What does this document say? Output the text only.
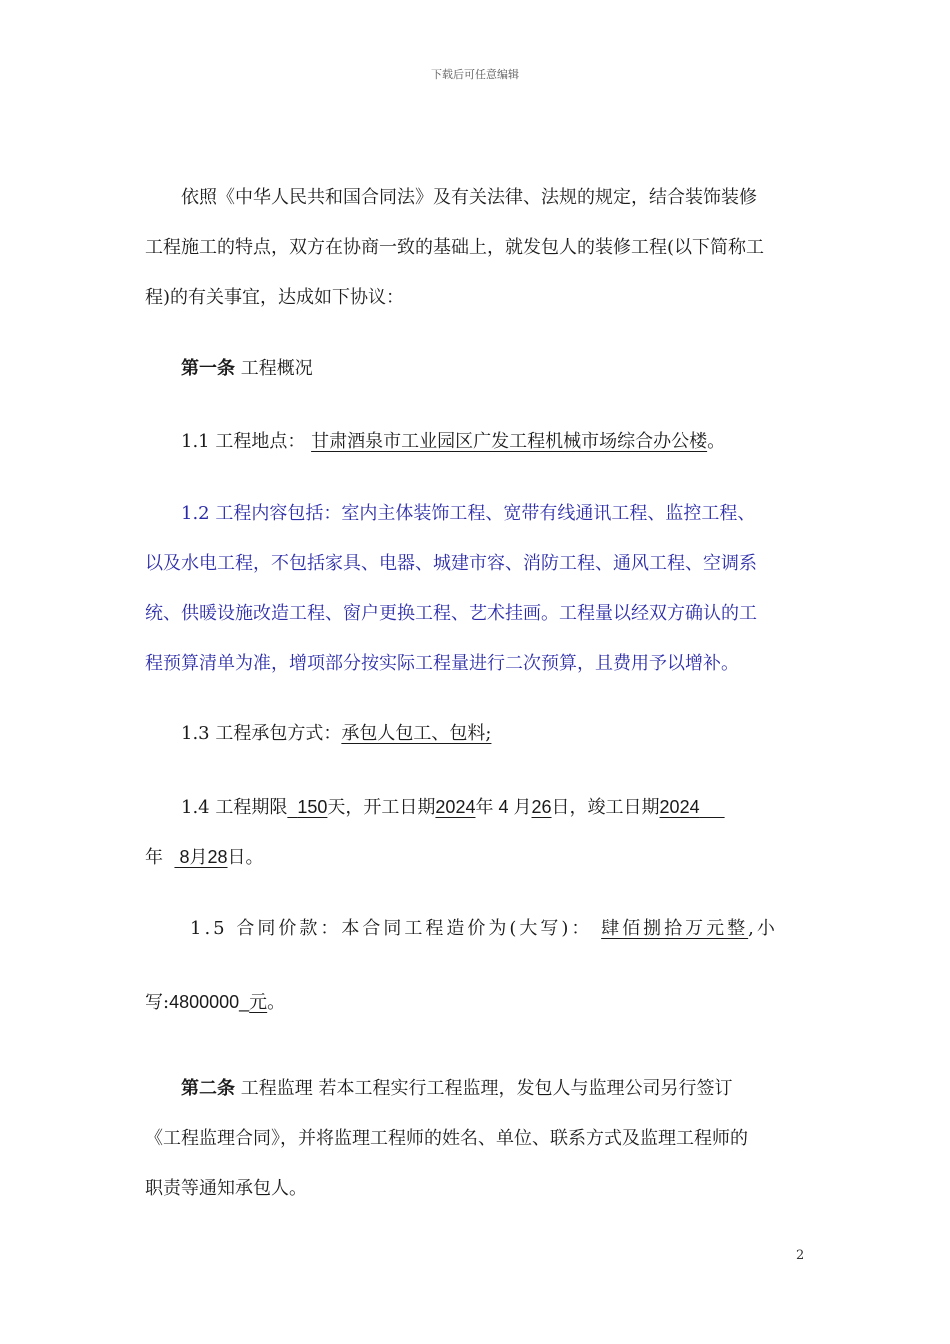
下载后可任意编辑
依照《中华人民共和国合同法》及有关法律、法规的规定，结合装饰装修
工程施工的特点，双方在协商一致的基础上，就发包人的装修工程(以下简称工
程)的有关事宜，达成如下协议：
第一条 工程概况
1.1 工程地点： 甘肃酒泉市工业园区广发工程机械市场综合办公楼。
1.2 工程内容包括：室内主体装饰工程、宽带有线通讯工程、监控工程、
以及水电工程，不包括家具、电器、城建市容、消防工程、通风工程、空调系
统、供暖设施改造工程、窗户更换工程、艺术挂画。工程量以经双方确认的工
程预算清单为准，增项部分按实际工程量进行二次预算，且费用予以增补。
1.3 工程承包方式：承包人包工、包料;
1.4 工程期限 150天，开工日期2024年 4 月26日，竣工日期2024
年 8月28日。
1.5 合同价款：本合同工程造价为(大写)： 肆佰捌拾万元整,小
写:4800000_元。
第二条 工程监理 若本工程实行工程监理，发包人与监理公司另行签订
《工程监理合同》，并将监理工程师的姓名、单位、联系方式及监理工程师的
职责等通知承包人。
2
